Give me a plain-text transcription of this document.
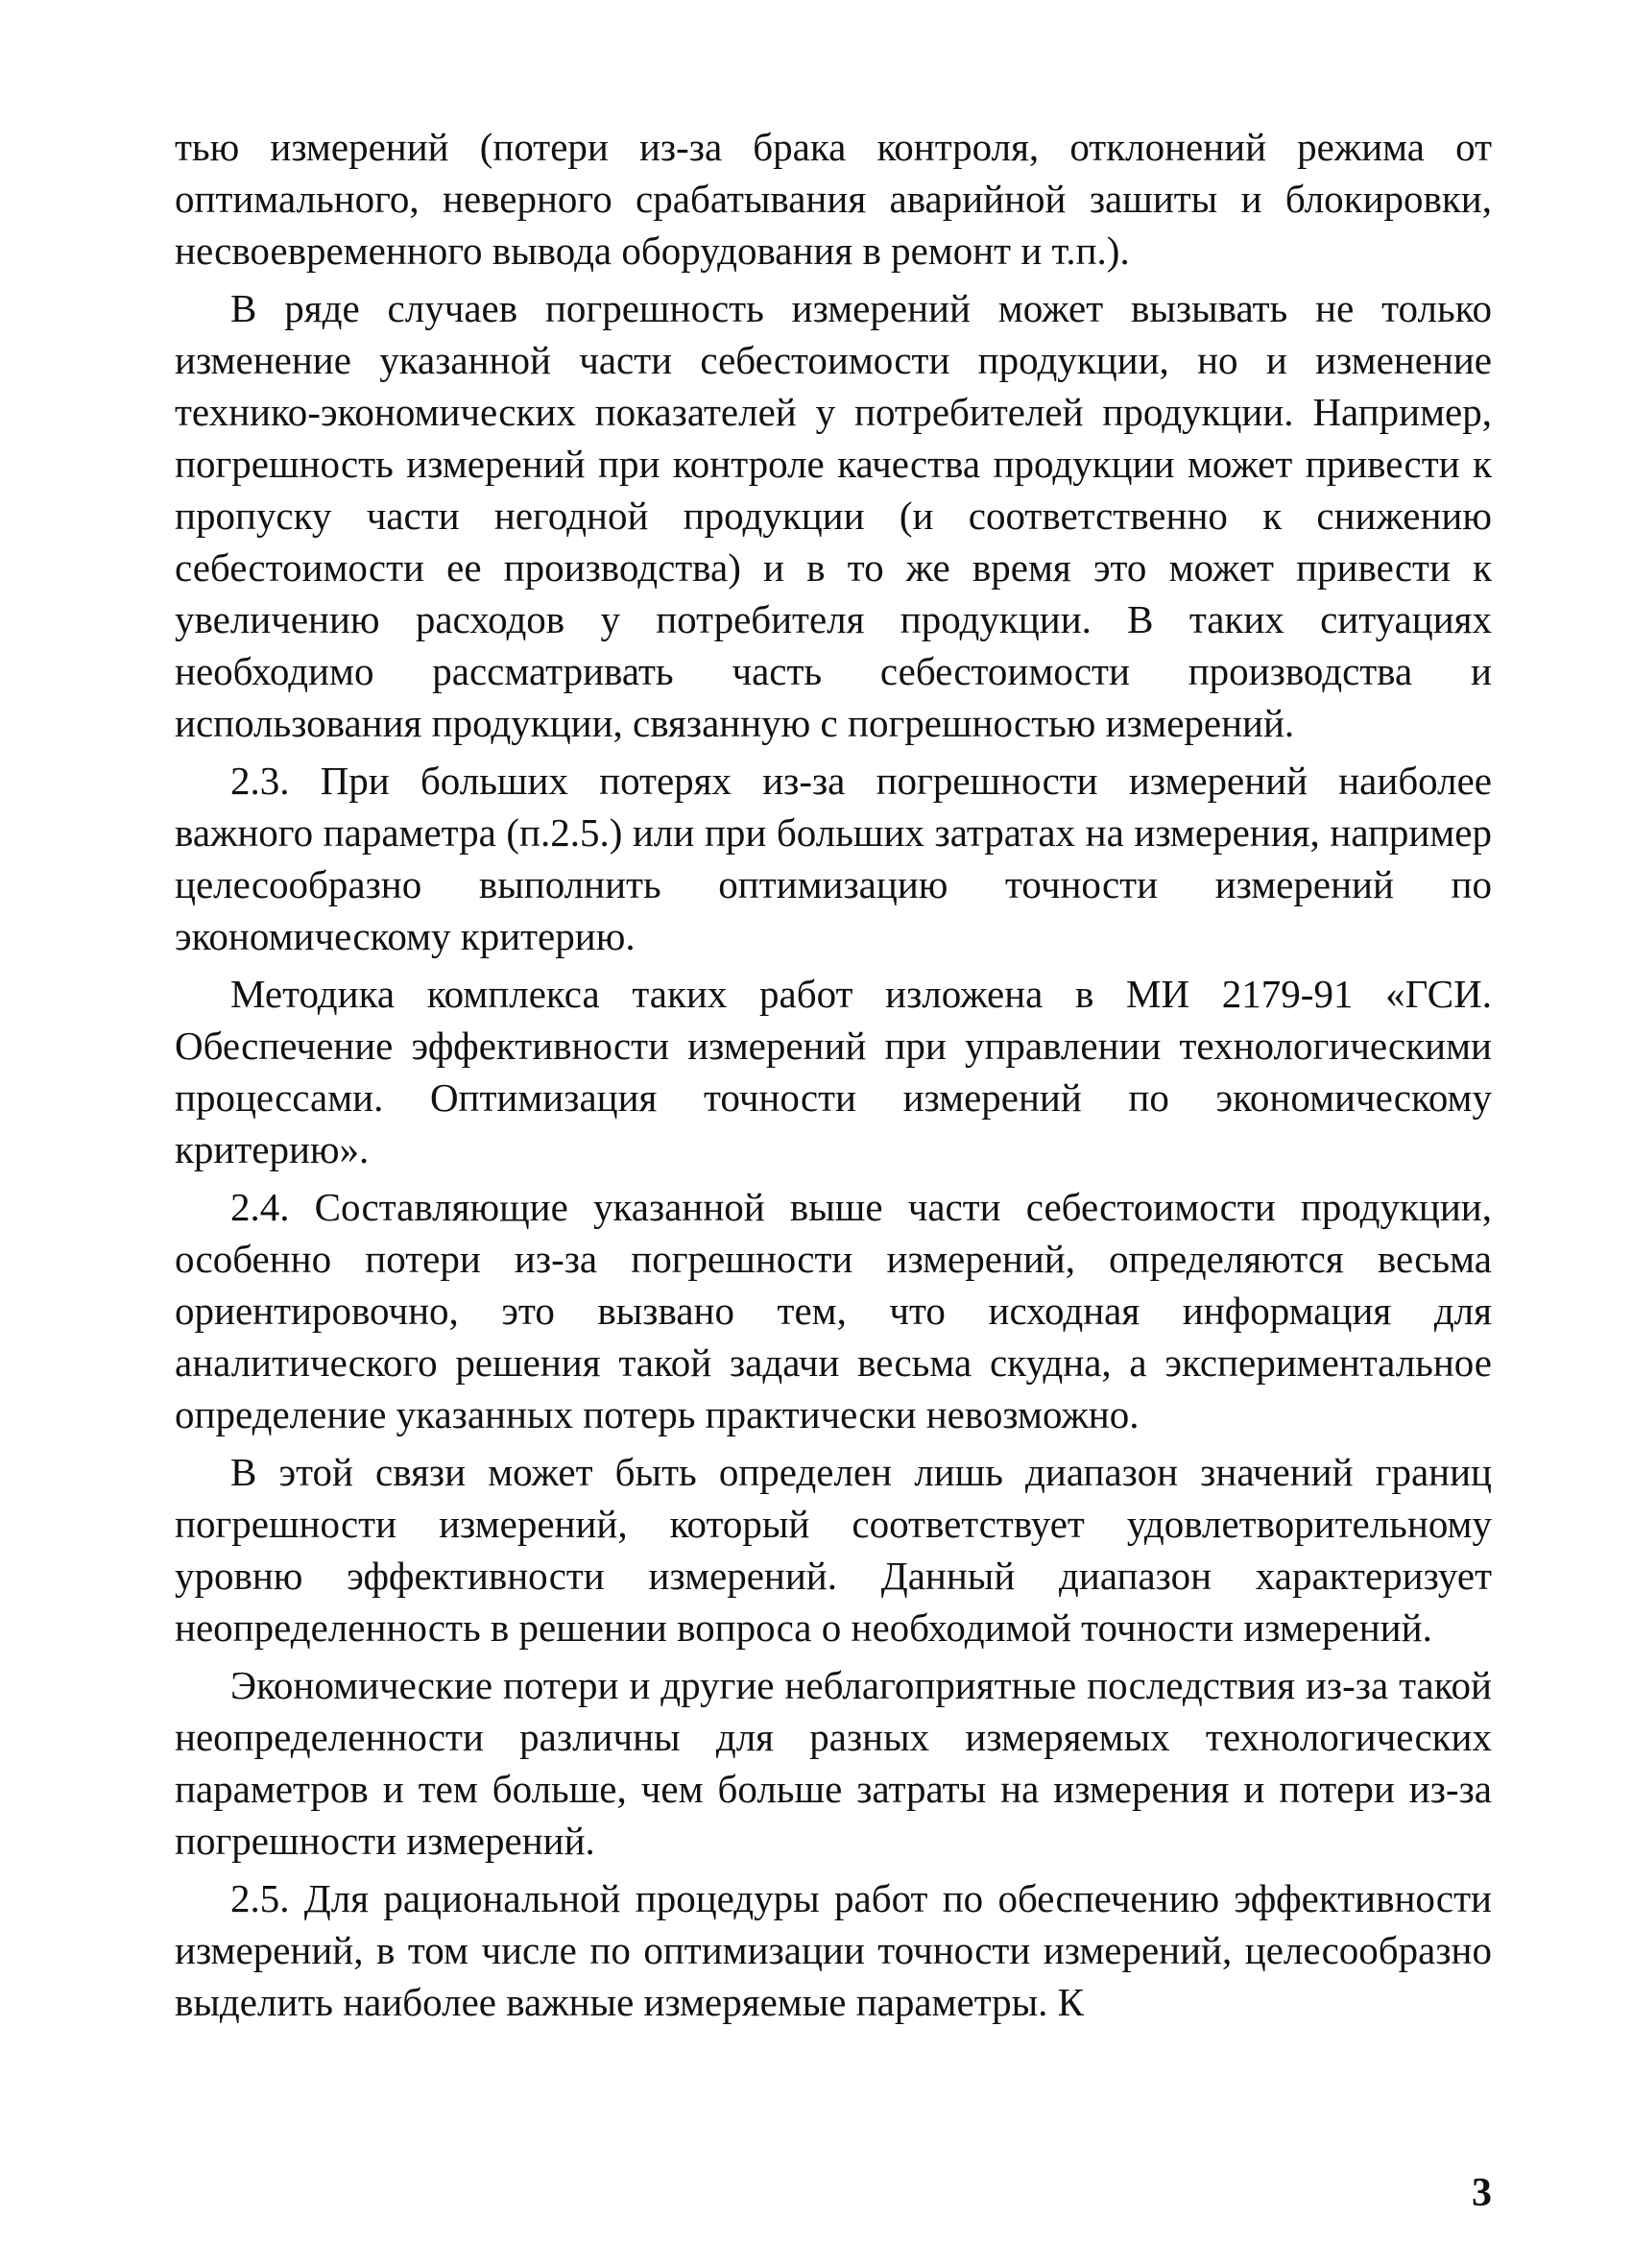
тью измерений (потери из-за брака контроля, отклонений режима от оптимального, неверного срабатывания аварийной зашиты и блокировки, несвоевременного вывода оборудования в ремонт и т.п.).

В ряде случаев погрешность измерений может вызывать не только изменение указанной части себестоимости продукции, но и изменение технико-экономических показателей у потребителей продукции. Например, погрешность измерений при контроле качества продукции может привести к пропуску части негодной продукции (и соответственно к снижению себестоимости ее производства) и в то же время это может привести к увеличению расходов у потребителя продукции. В таких ситуациях необходимо рассматривать часть себестоимости производства и использования продукции, связанную с погрешностью измерений.

2.3. При больших потерях из-за погрешности измерений наиболее важного параметра (п.2.5.) или при больших затратах на измерения, например целесообразно выполнить оптимизацию точности измерений по экономическому критерию.

Методика комплекса таких работ изложена в МИ 2179-91 «ГСИ. Обеспечение эффективности измерений при управлении технологическими процессами. Оптимизация точности измерений по экономическому критерию».

2.4. Составляющие указанной выше части себестоимости продукции, особенно потери из-за погрешности измерений, определяются весьма ориентировочно, это вызвано тем, что исходная информация для аналитического решения такой задачи весьма скудна, а экспериментальное определение указанных потерь практически невозможно.

В этой связи может быть определен лишь диапазон значений границ погрешности измерений, который соответствует удовлетворительному уровню эффективности измерений. Данный диапазон характеризует неопределенность в решении вопроса о необходимой точности измерений.

Экономические потери и другие неблагоприятные последствия из-за такой неопределенности различны для разных измеряемых технологических параметров и тем больше, чем больше затраты на измерения и потери из-за погрешности измерений.

2.5. Для рациональной процедуры работ по обеспечению эффективности измерений, в том числе по оптимизации точности измерений, целесообразно выделить наиболее важные измеряемые параметры. К

3
